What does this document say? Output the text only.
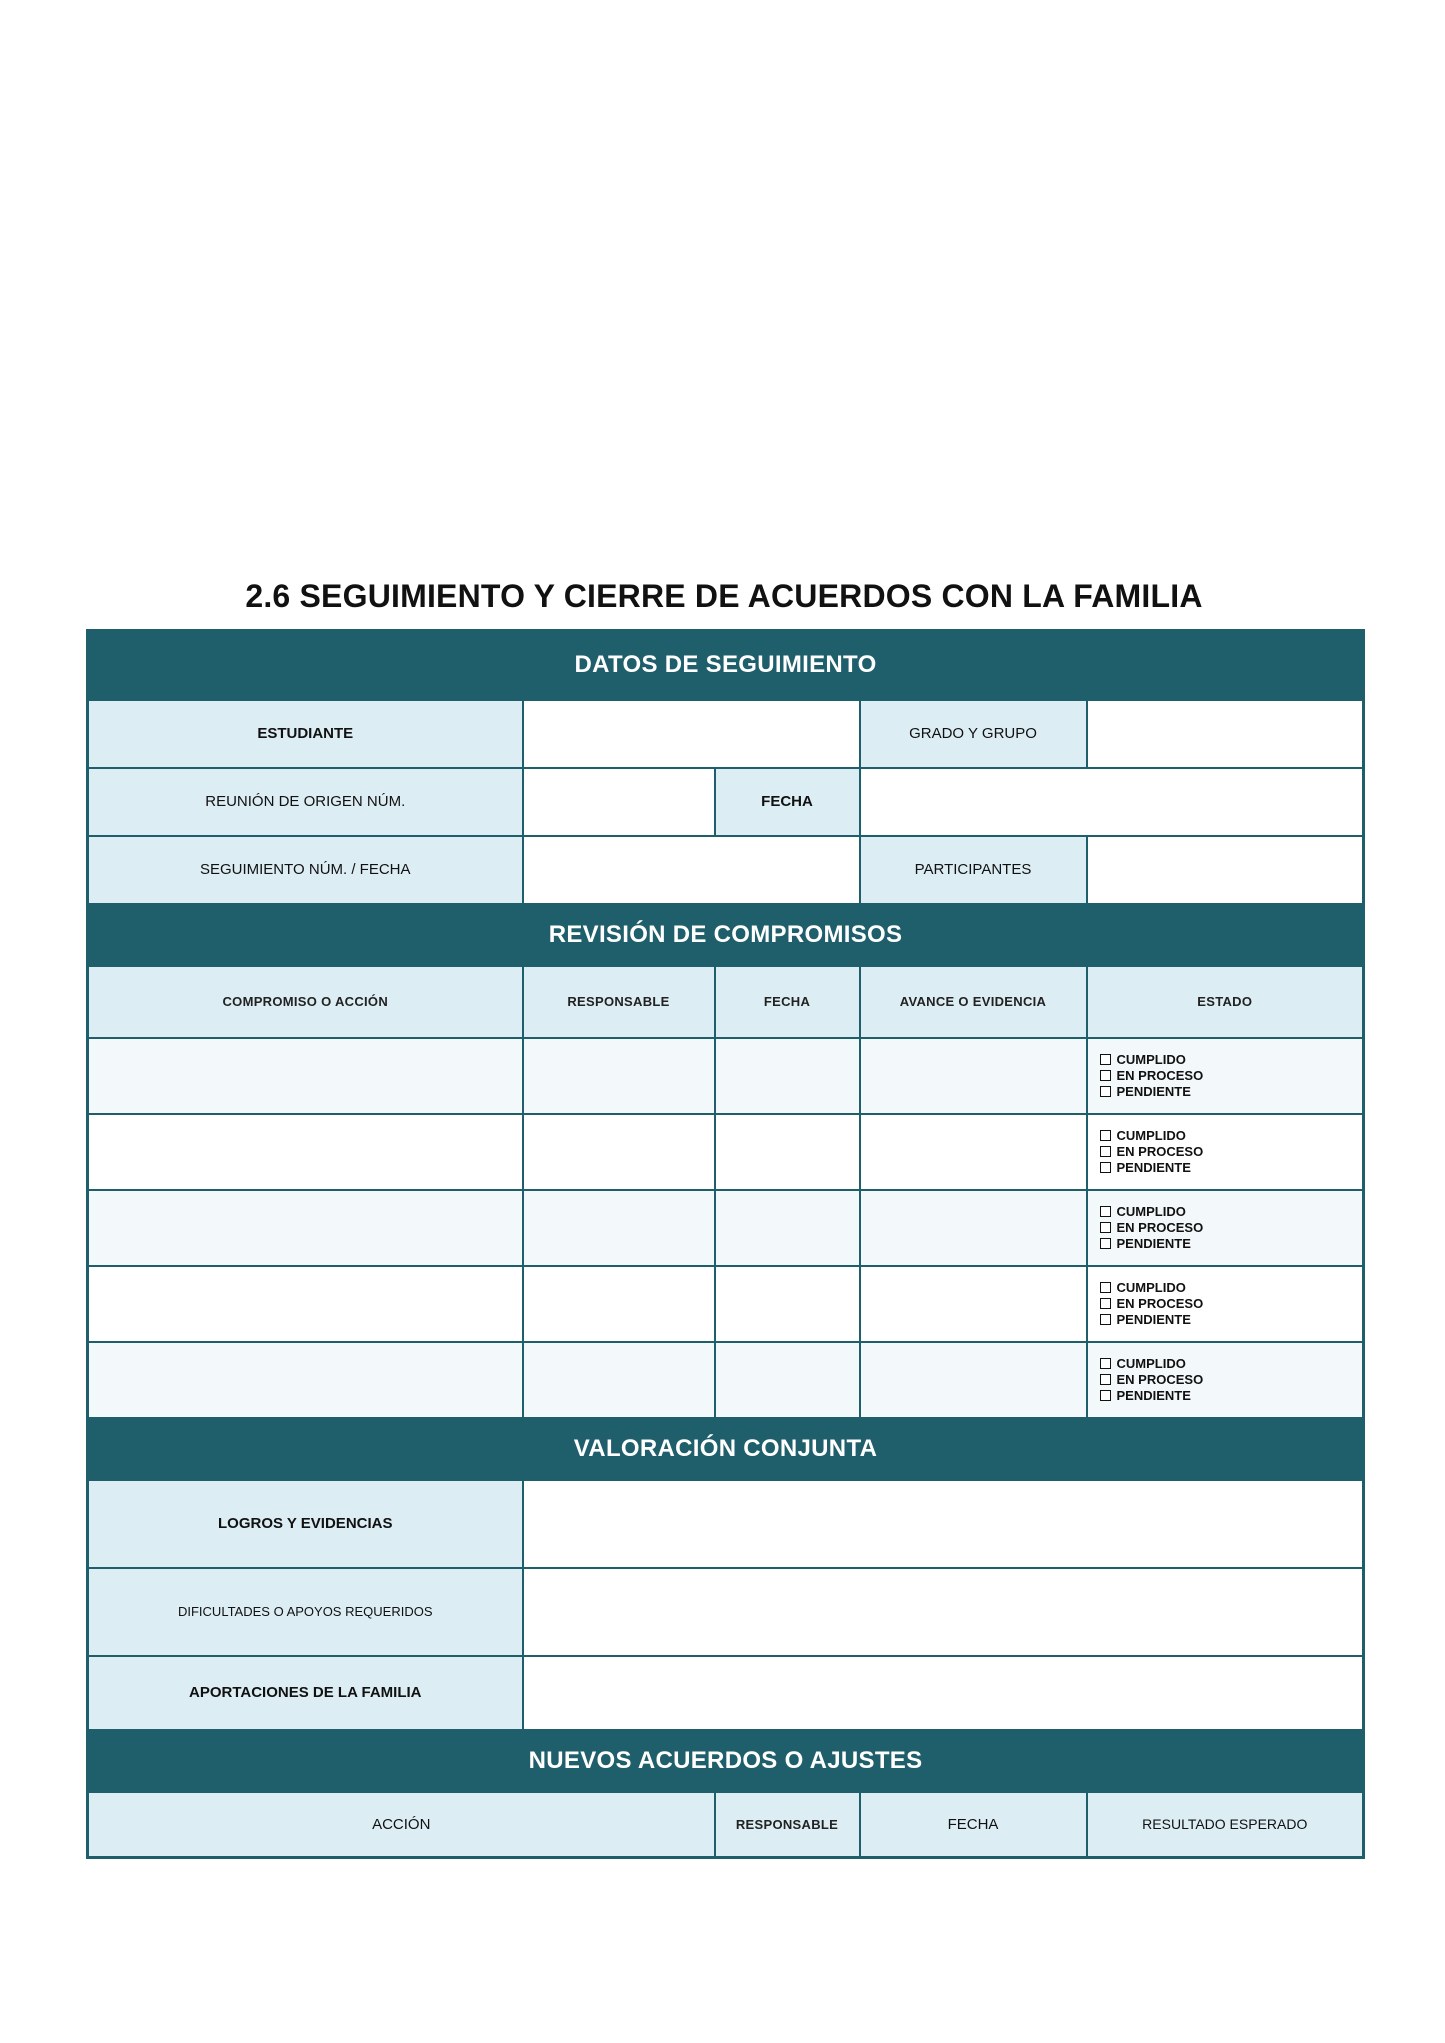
2.6 SEGUIMIENTO Y CIERRE DE ACUERDOS CON LA FAMILIA
DATOS DE SEGUIMIENTO				
ESTUDIANTE			GRADO Y GRUPO	
REUNIÓN DE ORIGEN NÚM.		FECHA		
SEGUIMIENTO NÚM. / FECHA			PARTICIPANTES	
REVISIÓN DE COMPROMISOS				
COMPROMISO O ACCIÓN	RESPONSABLE	FECHA	AVANCE O EVIDENCIA	ESTADO

				CUMPLIDO
EN PROCESO
PENDIENTE

				CUMPLIDO
EN PROCESO
PENDIENTE

				CUMPLIDO
EN PROCESO
PENDIENTE

				CUMPLIDO
EN PROCESO
PENDIENTE

				CUMPLIDO
EN PROCESO
PENDIENTE

VALORACIÓN CONJUNTA				
LOGROS Y EVIDENCIAS				
DIFICULTADES O APOYOS REQUERIDOS				
APORTACIONES DE LA FAMILIA				
NUEVOS ACUERDOS O AJUSTES				
ACCIÓN		RESPONSABLE	FECHA	RESULTADO ESPERADO
